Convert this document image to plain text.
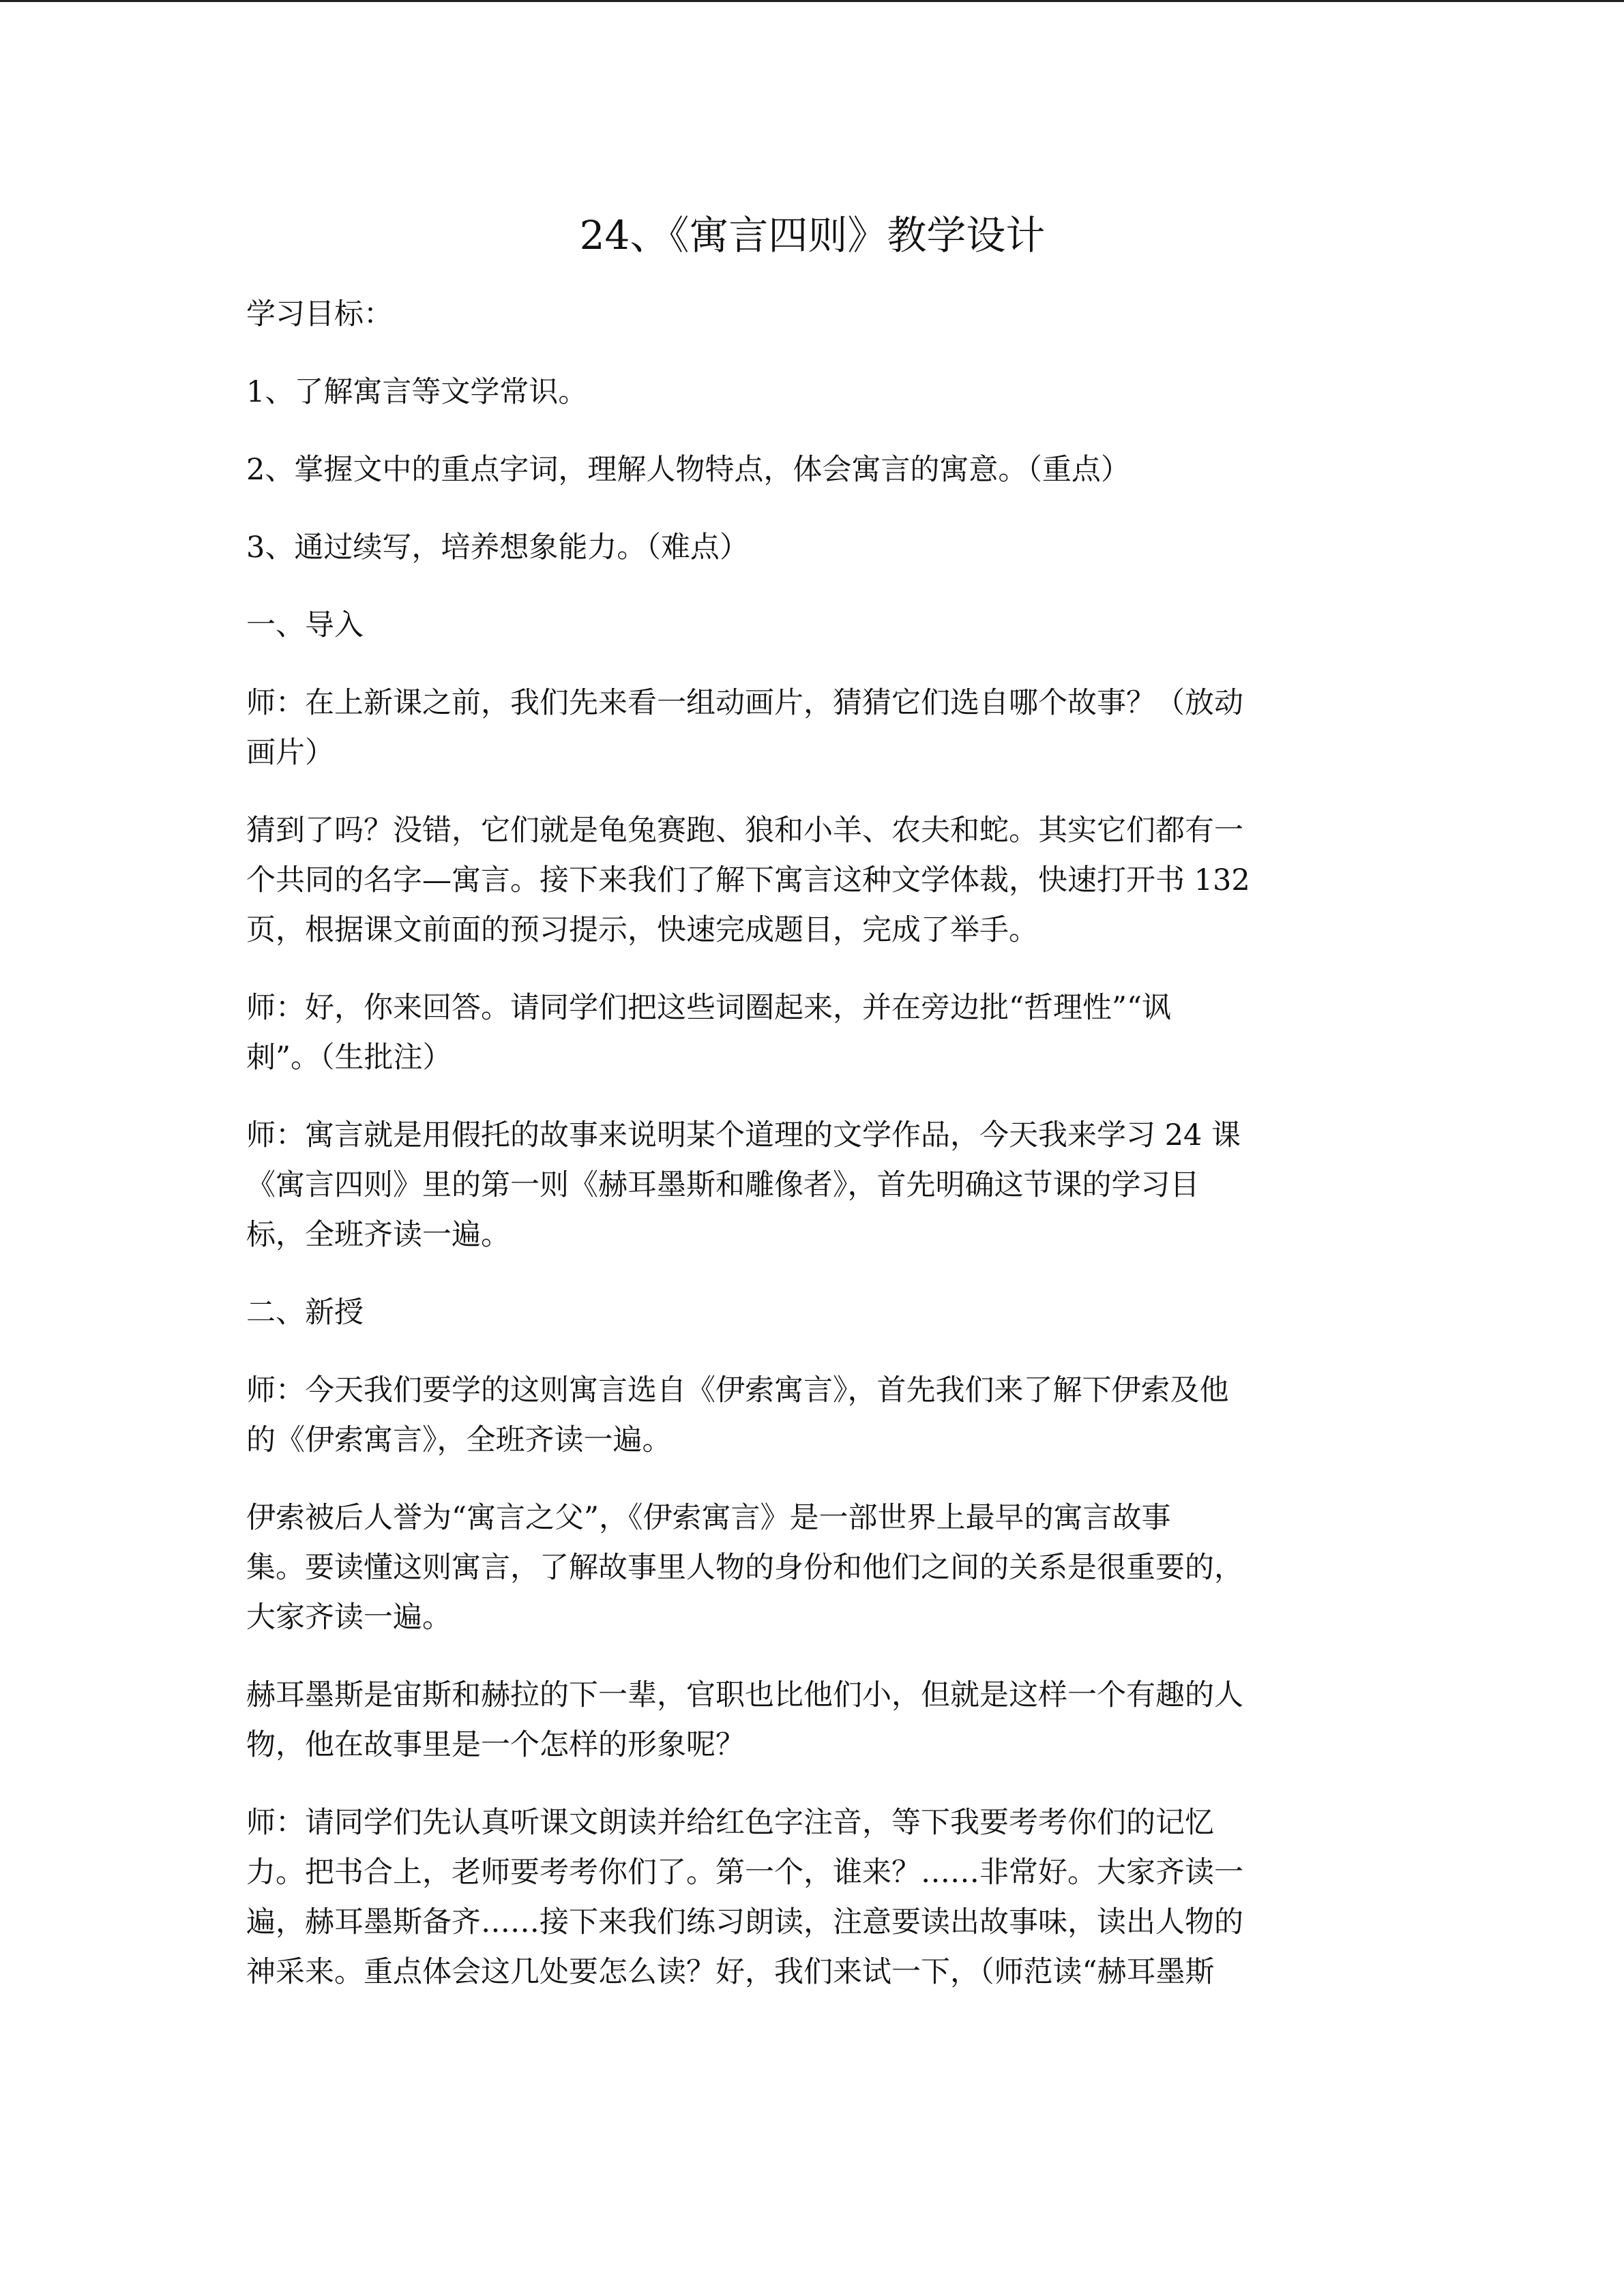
24、《寓言四则》教学设计

学习目标：

1、了解寓言等文学常识。

2、掌握文中的重点字词，理解人物特点，体会寓言的寓意。（重点）

3、通过续写，培养想象能力。（难点）

一、导入

师：在上新课之前，我们先来看一组动画片，猜猜它们选自哪个故事？（放动
画片）

猜到了吗？没错，它们就是龟兔赛跑、狼和小羊、农夫和蛇。其实它们都有一
个共同的名字—寓言。接下来我们了解下寓言这种文学体裁，快速打开书 132
页，根据课文前面的预习提示，快速完成题目，完成了举手。

师：好，你来回答。请同学们把这些词圈起来，并在旁边批“哲理性”“讽
刺”。（生批注）

师：寓言就是用假托的故事来说明某个道理的文学作品，今天我来学习 24 课
《寓言四则》里的第一则《赫耳墨斯和雕像者》，首先明确这节课的学习目
标，全班齐读一遍。

二、新授

师：今天我们要学的这则寓言选自《伊索寓言》，首先我们来了解下伊索及他
的《伊索寓言》，全班齐读一遍。

伊索被后人誉为“寓言之父”，《伊索寓言》是一部世界上最早的寓言故事
集。要读懂这则寓言，了解故事里人物的身份和他们之间的关系是很重要的，
大家齐读一遍。

赫耳墨斯是宙斯和赫拉的下一辈，官职也比他们小，但就是这样一个有趣的人
物，他在故事里是一个怎样的形象呢？

师：请同学们先认真听课文朗读并给红色字注音，等下我要考考你们的记忆
力。把书合上，老师要考考你们了。第一个，谁来？……非常好。大家齐读一
遍，赫耳墨斯备齐……接下来我们练习朗读，注意要读出故事味，读出人物的
神采来。重点体会这几处要怎么读？好，我们来试一下，（师范读“赫耳墨斯
